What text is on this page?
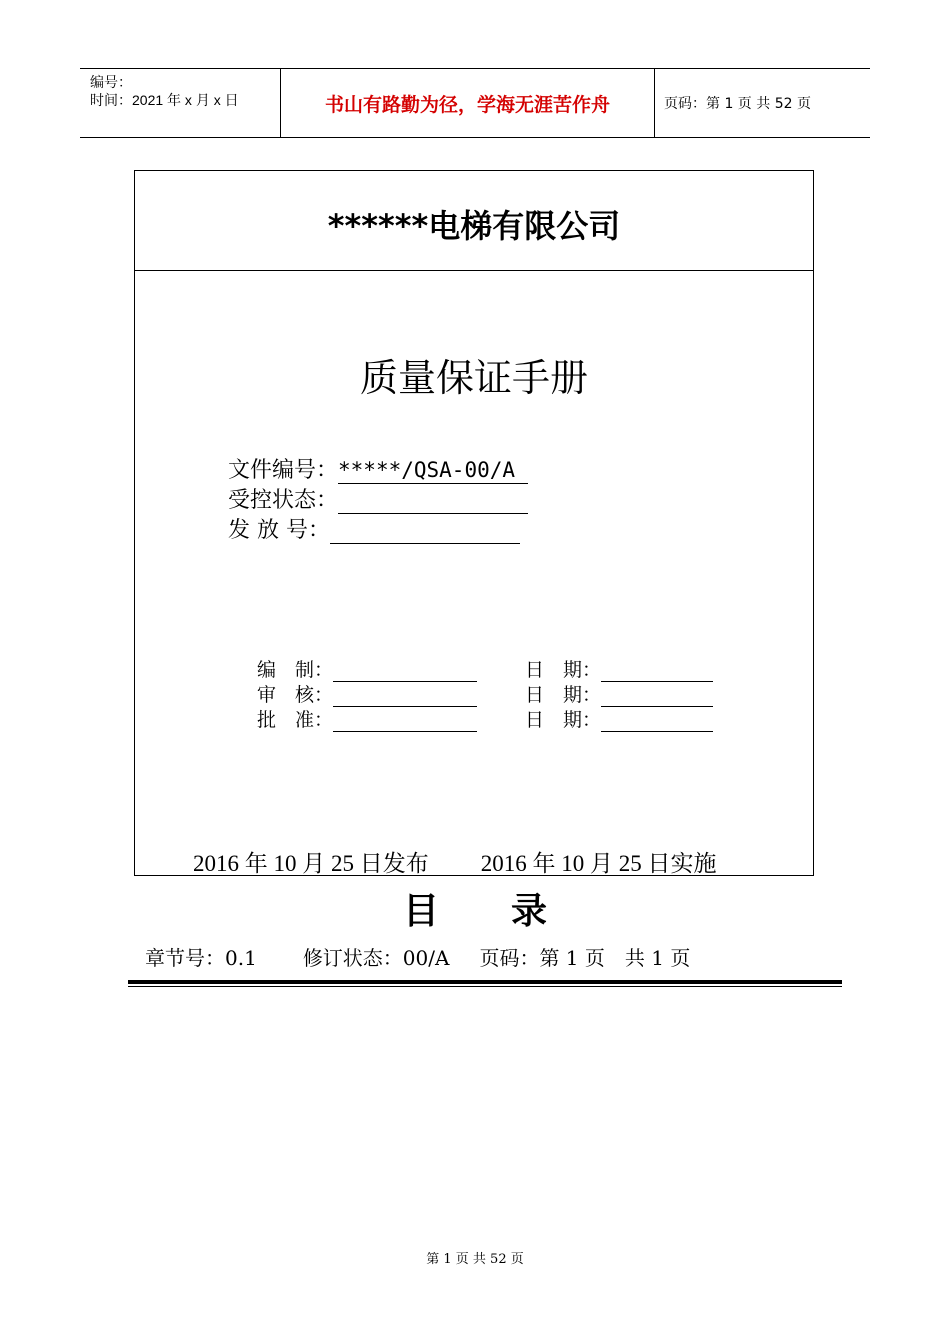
编号：
时间：2021 年 x 月 x 日	书山有路勤为径，学海无涯苦作舟	页码：第 1 页 共 52 页
******电梯有限公司
质量保证手册
文件编号： *****/QSA-00/A
受控状态：
发 放 号：
编　制：	日　期：
审　核：	日　期：
批　准：	日　期：
2016 年 10 月 25 日发布 2016 年 10 月 25 日实施
目　　录
章节号：0.1 修订状态：00/A 页码：第 1 页　共 1 页
第 1 页 共 52 页
